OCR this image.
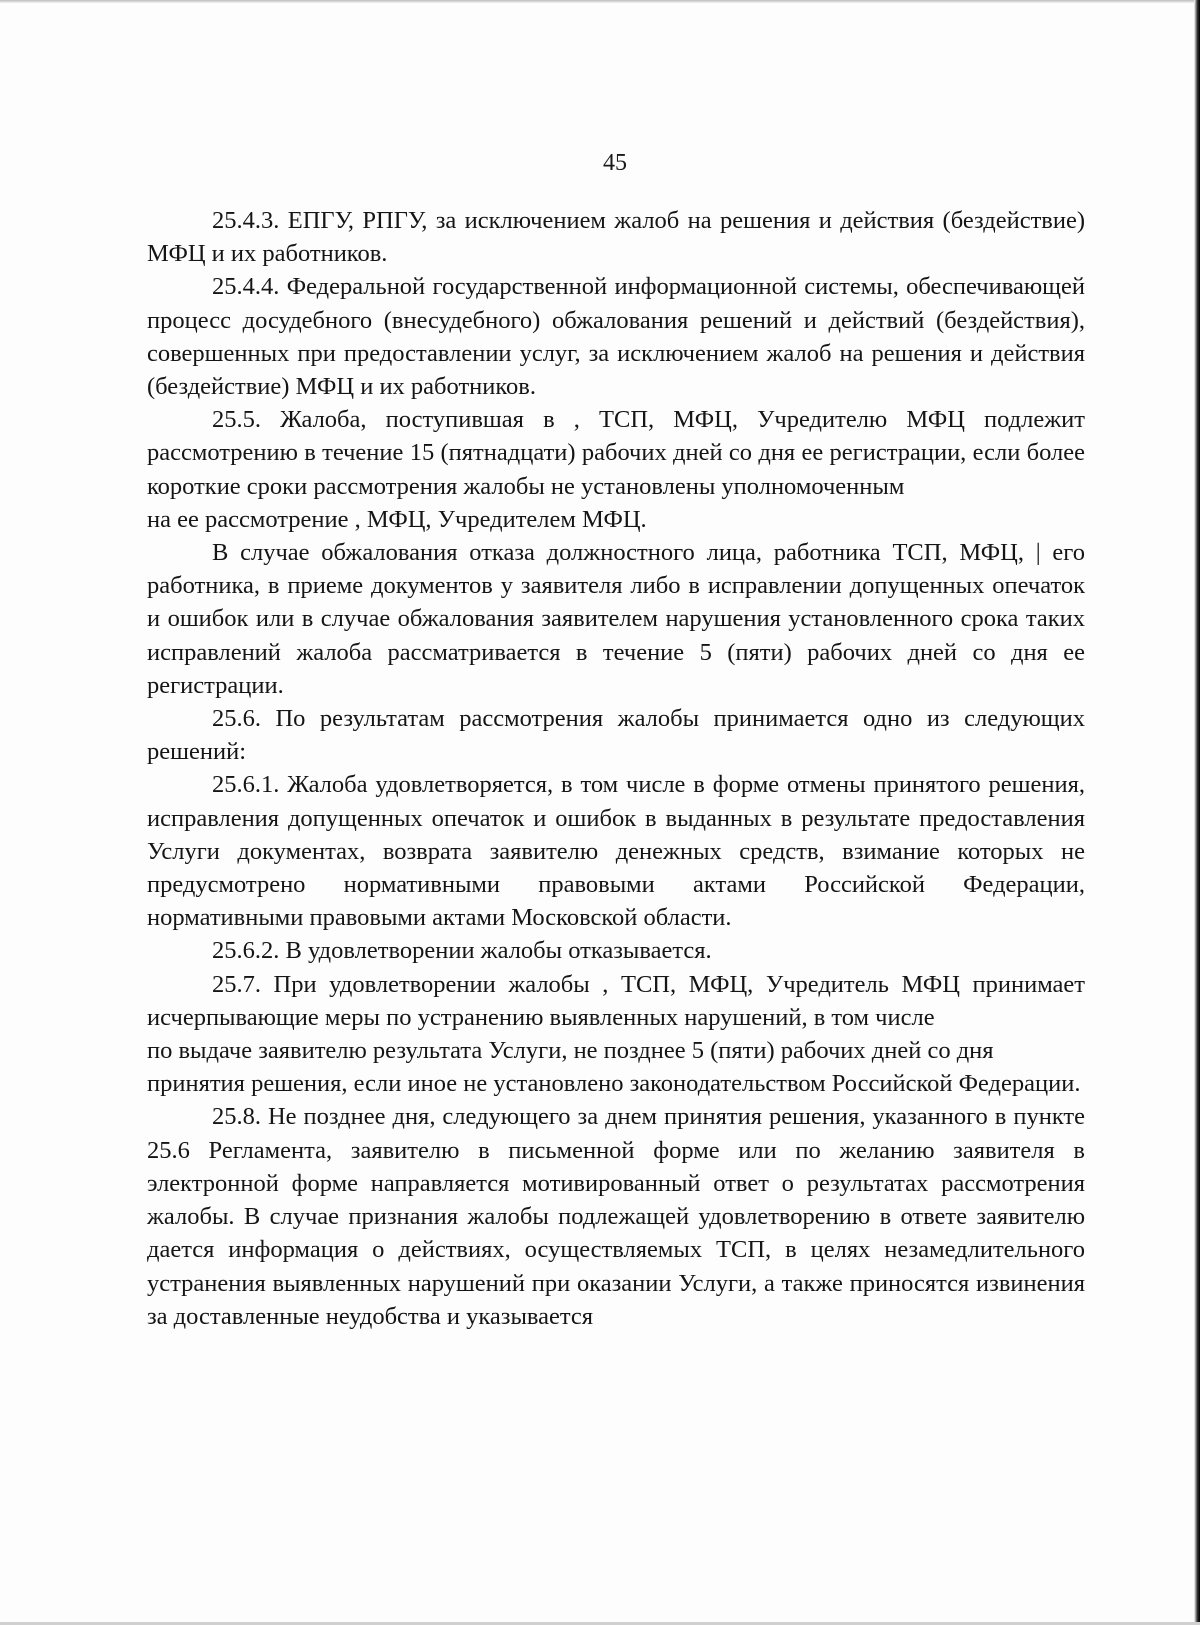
45

25.4.3. ЕПГУ, РПГУ, за исключением жалоб на решения и действия (бездействие) МФЦ и их работников.

25.4.4. Федеральной государственной информационной системы, обеспечивающей процесс досудебного (внесудебного) обжалования решений и действий (бездействия), совершенных при предоставлении услуг, за исключением жалоб на решения и действия (бездействие) МФЦ и их работников.

25.5. Жалоба, поступившая в , ТСП, МФЦ, Учредителю МФЦ подлежит рассмотрению в течение 15 (пятнадцати) рабочих дней со дня ее регистрации, если более короткие сроки рассмотрения жалобы не установлены уполномоченным

на ее рассмотрение , МФЦ, Учредителем МФЦ.

В случае обжалования отказа должностного лица, работника ТСП, МФЦ, | его работника, в приеме документов у заявителя либо в исправлении допущенных опечаток и ошибок или в случае обжалования заявителем нарушения установленного срока таких исправлений жалоба рассматривается в течение 5 (пяти) рабочих дней со дня ее регистрации.

25.6. По результатам рассмотрения жалобы принимается одно из следующих решений:

25.6.1. Жалоба удовлетворяется, в том числе в форме отмены принятого решения, исправления допущенных опечаток и ошибок в выданных в результате предоставления Услуги документах, возврата заявителю денежных средств, взимание которых не предусмотрено нормативными правовыми актами Российской Федерации, нормативными правовыми актами Московской области.

25.6.2. В удовлетворении жалобы отказывается.

25.7. При удовлетворении жалобы , ТСП, МФЦ, Учредитель МФЦ принимает исчерпывающие меры по устранению выявленных нарушений, в том числе

по выдаче заявителю результата Услуги, не позднее 5 (пяти) рабочих дней со дня принятия решения, если иное не установлено законодательством Российской Федерации.

25.8. Не позднее дня, следующего за днем принятия решения, указанного в пункте 25.6 Регламента, заявителю в письменной форме или по желанию заявителя в электронной форме направляется мотивированный ответ о результатах рассмотрения жалобы. В случае признания жалобы подлежащей удовлетворению в ответе заявителю дается информация о действиях, осуществляемых ТСП, в целях незамедлительного устранения выявленных нарушений при оказании Услуги, а также приносятся извинения за доставленные неудобства и указывается
